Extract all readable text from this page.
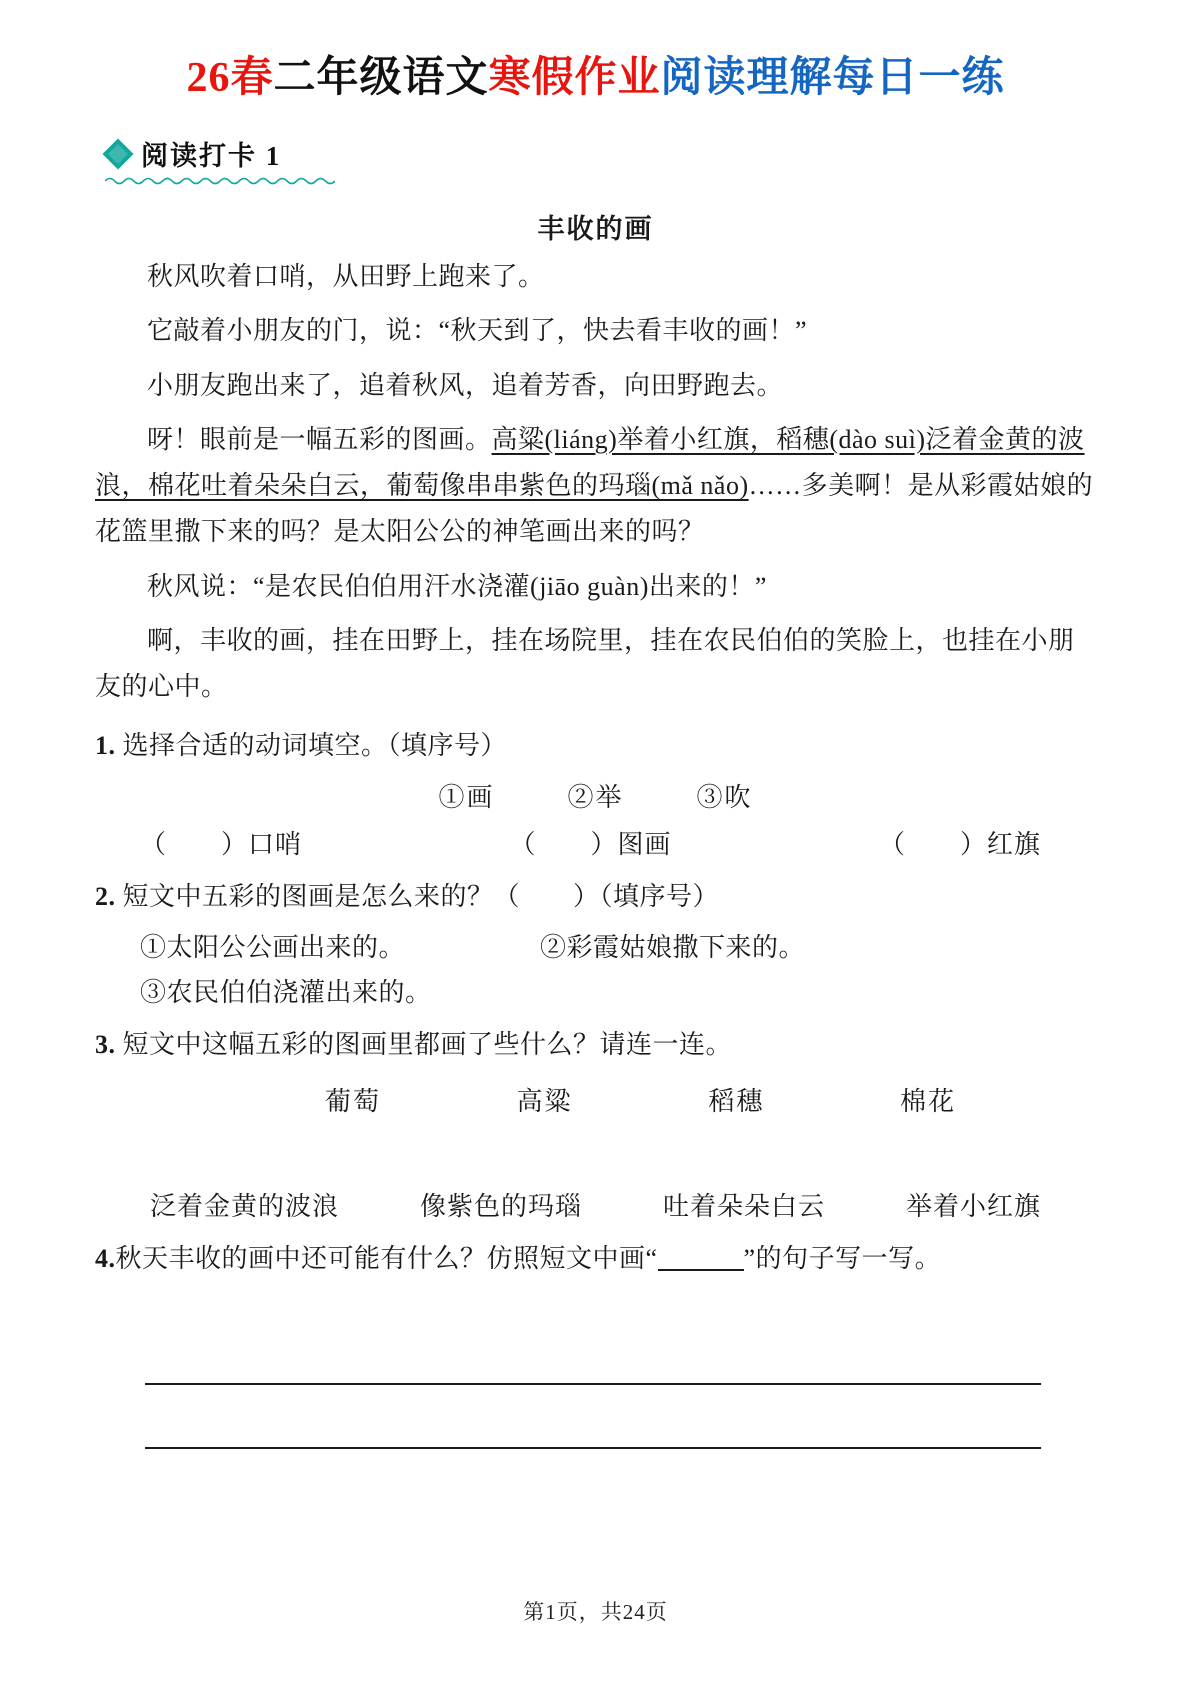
26春二年级语文寒假作业阅读理解每日一练
阅读打卡 1
丰收的画
秋风吹着口哨，从田野上跑来了。
它敲着小朋友的门，说：“秋天到了，快去看丰收的画！”
小朋友跑出来了，追着秋风，追着芳香，向田野跑去。
呀！眼前是一幅五彩的图画。高粱(liáng)举着小红旗，稻穗(dào suì)泛着金黄的波浪，棉花吐着朵朵白云，葡萄像串串紫色的玛瑙(mǎ nǎo)……多美啊！是从彩霞姑娘的花篮里撒下来的吗？是太阳公公的神笔画出来的吗？
秋风说：“是农民伯伯用汗水浇灌(jiāo guàn)出来的！”
啊，丰收的画，挂在田野上，挂在场院里，挂在农民伯伯的笑脸上，也挂在小朋友的心中。
1. 选择合适的动词填空。（填序号）
①画	②举	③吹
（　　）口哨	（　　）图画	（　　）红旗
2. 短文中五彩的图画是怎么来的？（　　）（填序号）
①太阳公公画出来的。	②彩霞姑娘撒下来的。
③农民伯伯浇灌出来的。
3. 短文中这幅五彩的图画里都画了些什么？请连一连。
葡萄	高粱	稻穗	棉花
泛着金黄的波浪	像紫色的玛瑙	吐着朵朵白云	举着小红旗
4.秋天丰收的画中还可能有什么？仿照短文中画“	”的句子写一写。
第1页，共24页
